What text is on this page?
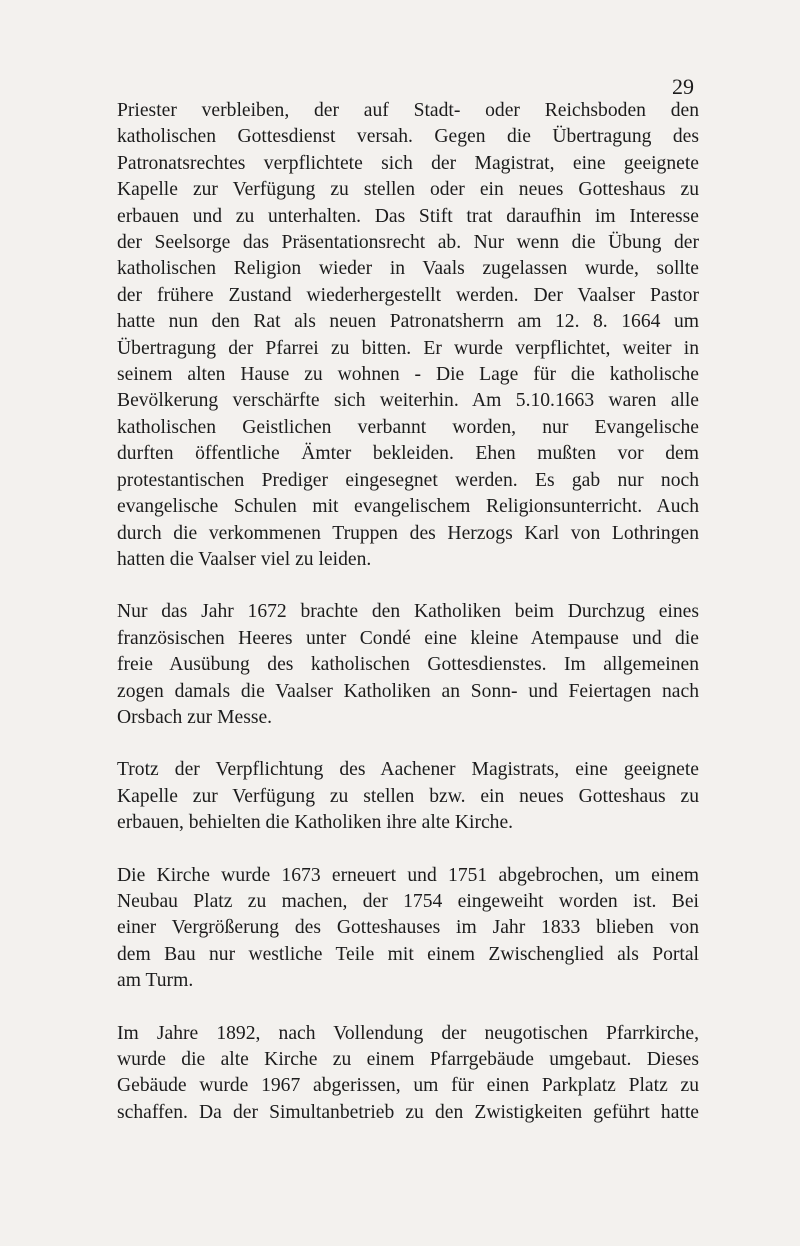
29

Priester verbleiben, der auf Stadt- oder Reichsboden den
katholischen Gottesdienst versah. Gegen die Übertragung des
Patronatsrechtes verpflichtete sich der Magistrat, eine geeignete
Kapelle zur Verfügung zu stellen oder ein neues Gotteshaus zu
erbauen und zu unterhalten. Das Stift trat daraufhin im Interesse
der Seelsorge das Präsentationsrecht ab. Nur wenn die Übung der
katholischen Religion wieder in Vaals zugelassen wurde, sollte
der frühere Zustand wiederhergestellt werden. Der Vaalser Pastor
hatte nun den Rat als neuen Patronatsherrn am 12. 8. 1664 um
Übertragung der Pfarrei zu bitten. Er wurde verpflichtet, weiter in
seinem alten Hause zu wohnen - Die Lage für die katholische
Bevölkerung verschärfte sich weiterhin. Am 5.10.1663 waren alle
katholischen Geistlichen verbannt worden, nur Evangelische
durften öffentliche Ämter bekleiden. Ehen mußten vor dem
protestantischen Prediger eingesegnet werden. Es gab nur noch
evangelische Schulen mit evangelischem Religionsunterricht. Auch
durch die verkommenen Truppen des Herzogs Karl von Lothringen
hatten die Vaalser viel zu leiden.

Nur das Jahr 1672 brachte den Katholiken beim Durchzug eines
französischen Heeres unter Condé eine kleine Atempause und die
freie Ausübung des katholischen Gottesdienstes. Im allgemeinen
zogen damals die Vaalser Katholiken an Sonn- und Feiertagen nach
Orsbach zur Messe.

Trotz der Verpflichtung des Aachener Magistrats, eine geeignete
Kapelle zur Verfügung zu stellen bzw. ein neues Gotteshaus zu
erbauen, behielten die Katholiken ihre alte Kirche.

Die Kirche wurde 1673 erneuert und 1751 abgebrochen, um einem
Neubau Platz zu machen, der 1754 eingeweiht worden ist. Bei
einer Vergrößerung des Gotteshauses im Jahr 1833 blieben von
dem Bau nur westliche Teile mit einem Zwischenglied als Portal
am Turm.

Im Jahre 1892, nach Vollendung der neugotischen Pfarrkirche,
wurde die alte Kirche zu einem Pfarrgebäude umgebaut. Dieses
Gebäude wurde 1967 abgerissen, um für einen Parkplatz Platz zu
schaffen. Da der Simultanbetrieb zu den Zwistigkeiten geführt hatte
